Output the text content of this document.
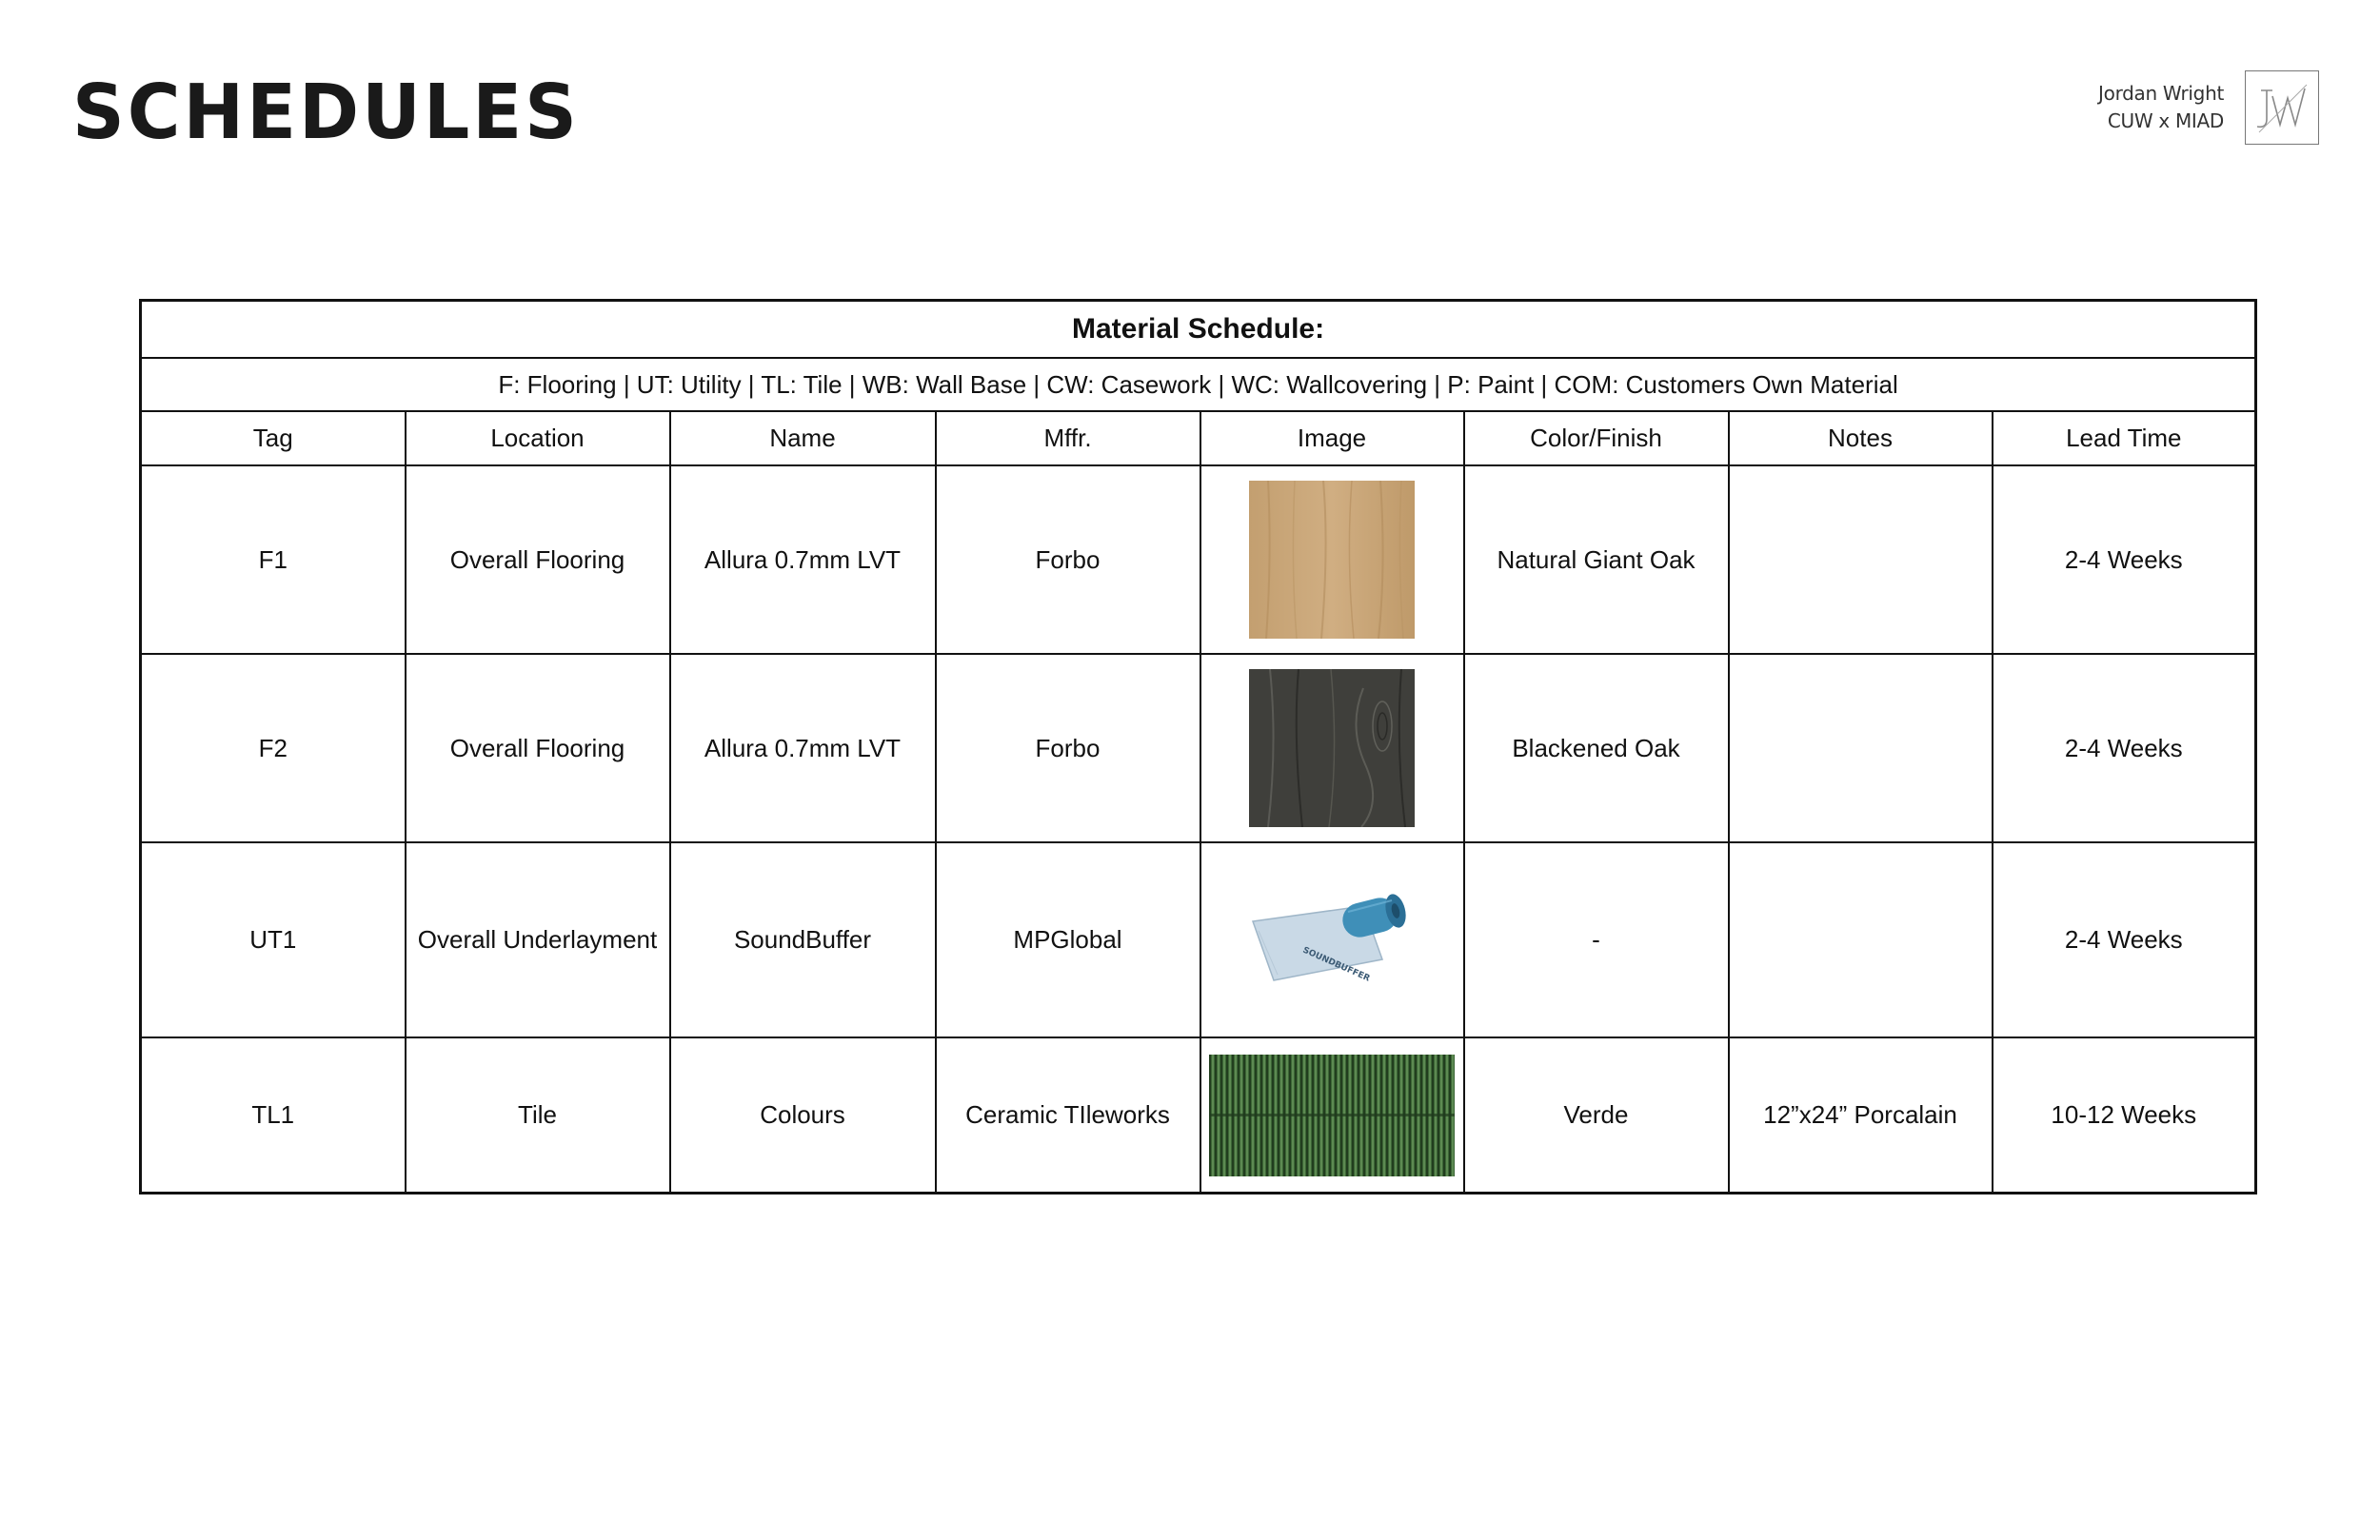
SCHEDULES	Jordan Wright
CUW x MIAD
Material Schedule:							
F: Flooring | UT: Utility | TL: Tile | WB: Wall Base | CW: Casework | WC: Wallcovering | P: Paint | COM: Customers Own Material							
Tag	Location	Name	Mffr.	Image	Color/Finish	Notes	Lead Time
F1	Overall Flooring	Allura 0.7mm LVT	Forbo		Natural Giant Oak		2-4 Weeks
F2	Overall Flooring	Allura 0.7mm LVT	Forbo		Blackened Oak		2-4 Weeks
UT1	Overall Underlayment	SoundBuffer	MPGlobal	SOUNDBUFFER	-		2-4 Weeks
TL1	Tile	Colours	Ceramic TIleworks		Verde	12”x24” Porcalain	10-12 Weeks
